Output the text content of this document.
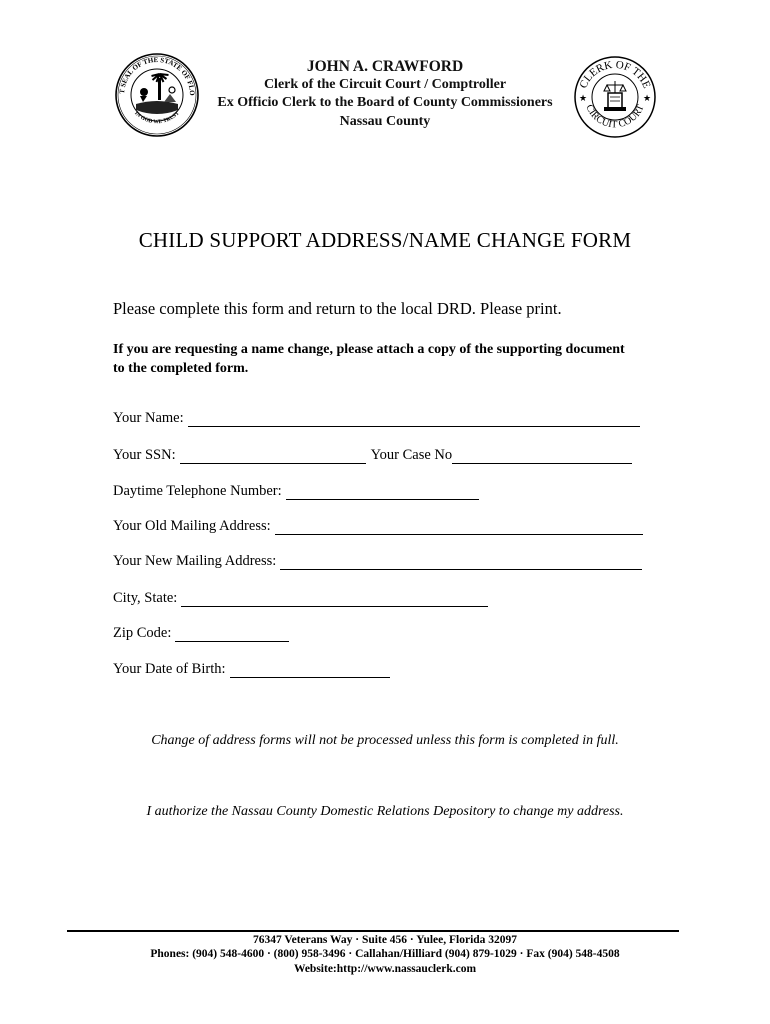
T SEAL OF THE STATE OF FLO
IN GOD WE TRUST
JOHN A. CRAWFORD
Clerk of the Circuit Court / Comptroller
Ex Officio Clerk to the Board of County Commissioners
Nassau County
CLERK OF THE
CIRCUIT COURT
★	★
CHILD SUPPORT ADDRESS/NAME CHANGE FORM
Please complete this form and return to the local DRD. Please print.
If you are requesting a name change, please attach a copy of the supporting document to the completed form.
Your Name:
Your SSN:	Your Case No
Daytime Telephone Number:
Your Old Mailing Address:
Your New Mailing Address:
City, State:
Zip Code:
Your Date of Birth:
Change of address forms will not be processed unless this form is completed in full.
I authorize the Nassau County Domestic Relations Depository to change my address.
76347 Veterans Way · Suite 456 · Yulee, Florida 32097
Phones: (904) 548-4600 · (800) 958-3496 · Callahan/Hilliard (904) 879-1029 · Fax (904) 548-4508
Website:http://www.nassauclerk.com
